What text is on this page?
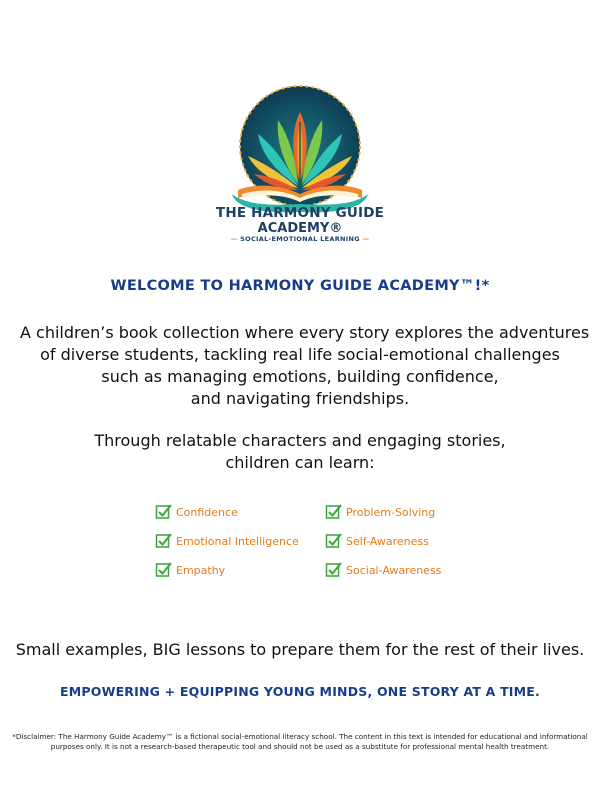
THE HARMONY GUIDE
ACADEMY®
— SOCIAL-EMOTIONAL LEARNING —
WELCOME TO HARMONY GUIDE ACADEMY™!*
A children’s book collection where every story explores the adventures
of diverse students, tackling real life social-emotional challenges
such as managing emotions, building confidence,
and navigating friendships.
Through relatable characters and engaging stories,
children can learn:
Confidence	Problem-Solving
Emotional Intelligence	Self-Awareness
Empathy	Social-Awareness
Small examples, BIG lessons to prepare them for the rest of their lives.
EMPOWERING + EQUIPPING YOUNG MINDS, ONE STORY AT A TIME.
*Disclaimer: The Harmony Guide Academy™ is a fictional social-emotional literacy school. The content in this text is intended for educational and informational
purposes only. It is not a research-based therapeutic tool and should not be used as a substitute for professional mental health treatment.
